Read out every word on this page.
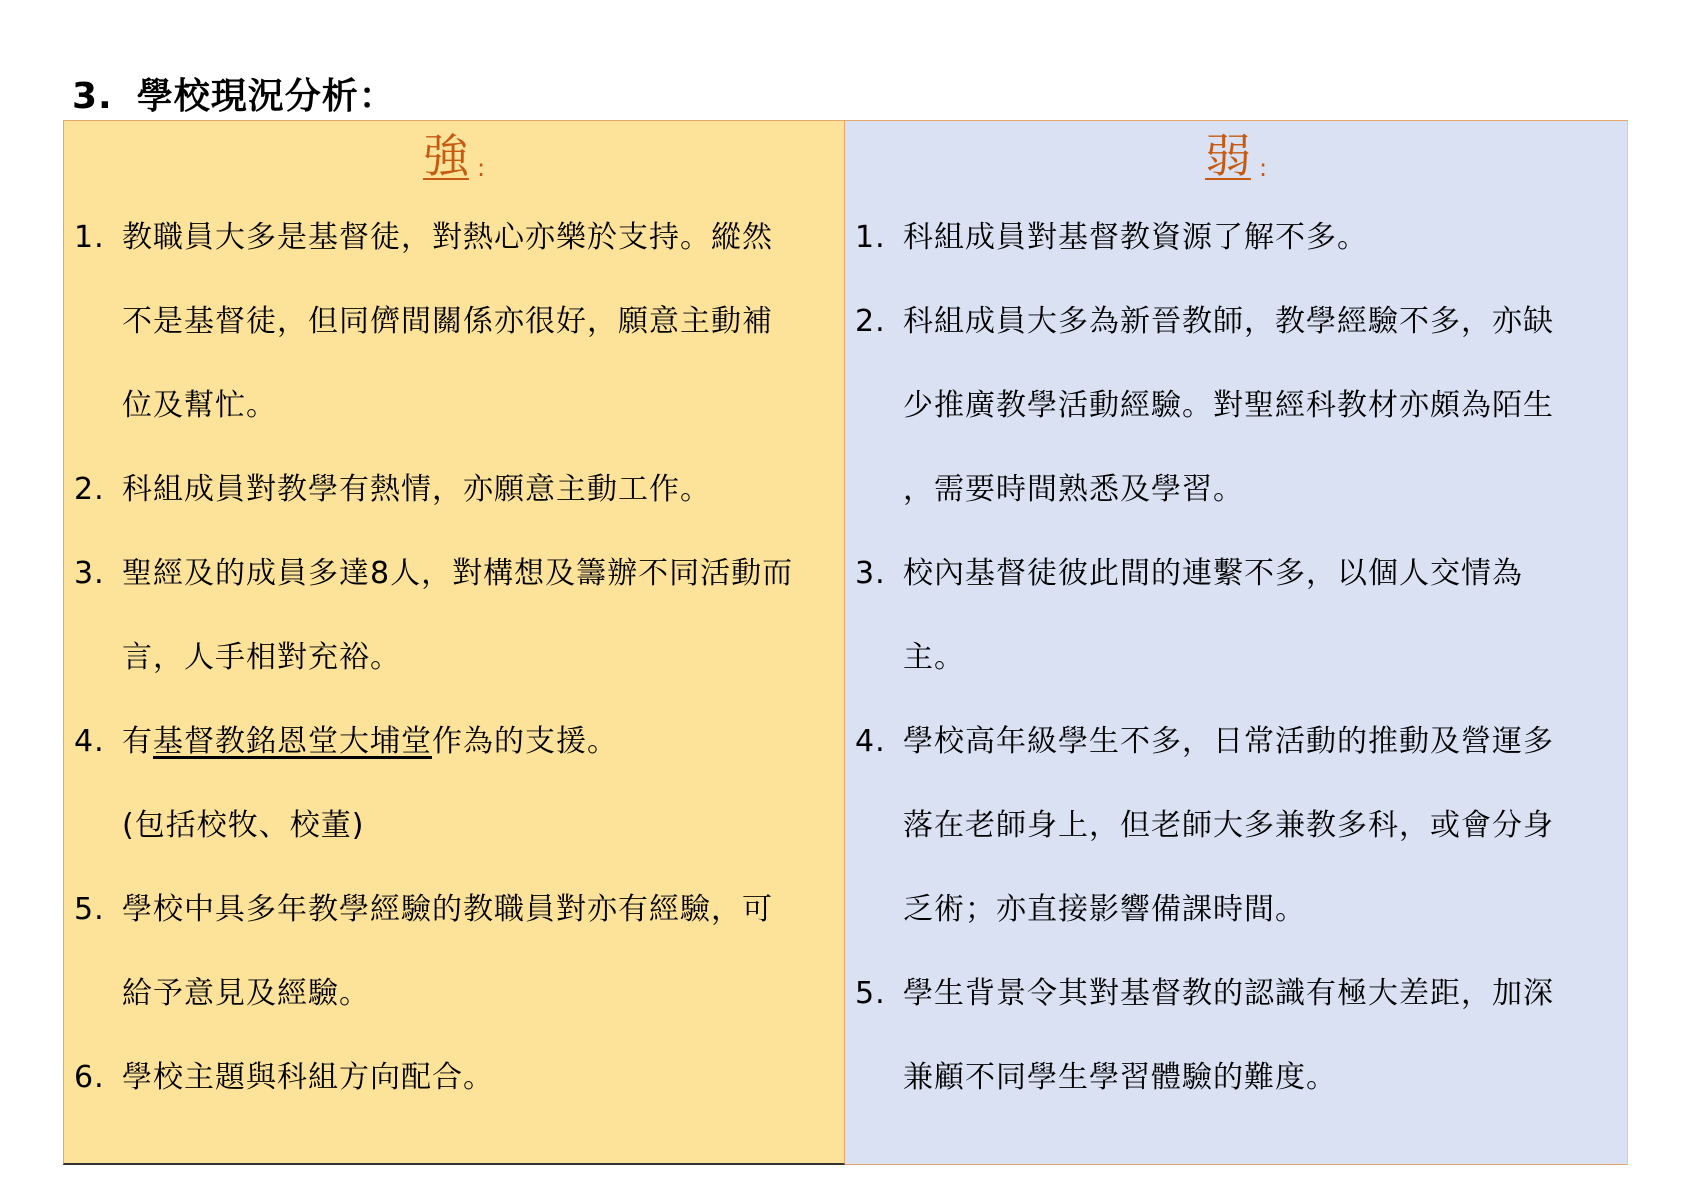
3. 學校現況分析：
強 :
1. 教職員大多是基督徒，對熱心亦樂於支持。縱然
不是基督徒，但同儕間關係亦很好，願意主動補
位及幫忙。
2. 科組成員對教學有熱情，亦願意主動工作。
3. 聖經及的成員多達8人，對構想及籌辦不同活動而
言，人手相對充裕。
4. 有基督教銘恩堂大埔堂作為的支援。
(包括校牧、校董)
5. 學校中具多年教學經驗的教職員對亦有經驗，可
給予意見及經驗。
6. 學校主題與科組方向配合。
弱 :
1. 科組成員對基督教資源了解不多。
2. 科組成員大多為新晉教師，教學經驗不多，亦缺
少推廣教學活動經驗。對聖經科教材亦頗為陌生
，需要時間熟悉及學習。
3. 校內基督徒彼此間的連繫不多，以個人交情為
主。
4. 學校高年級學生不多，日常活動的推動及營運多
落在老師身上，但老師大多兼教多科，或會分身
乏術；亦直接影響備課時間。
5. 學生背景令其對基督教的認識有極大差距，加深
兼顧不同學生學習體驗的難度。
